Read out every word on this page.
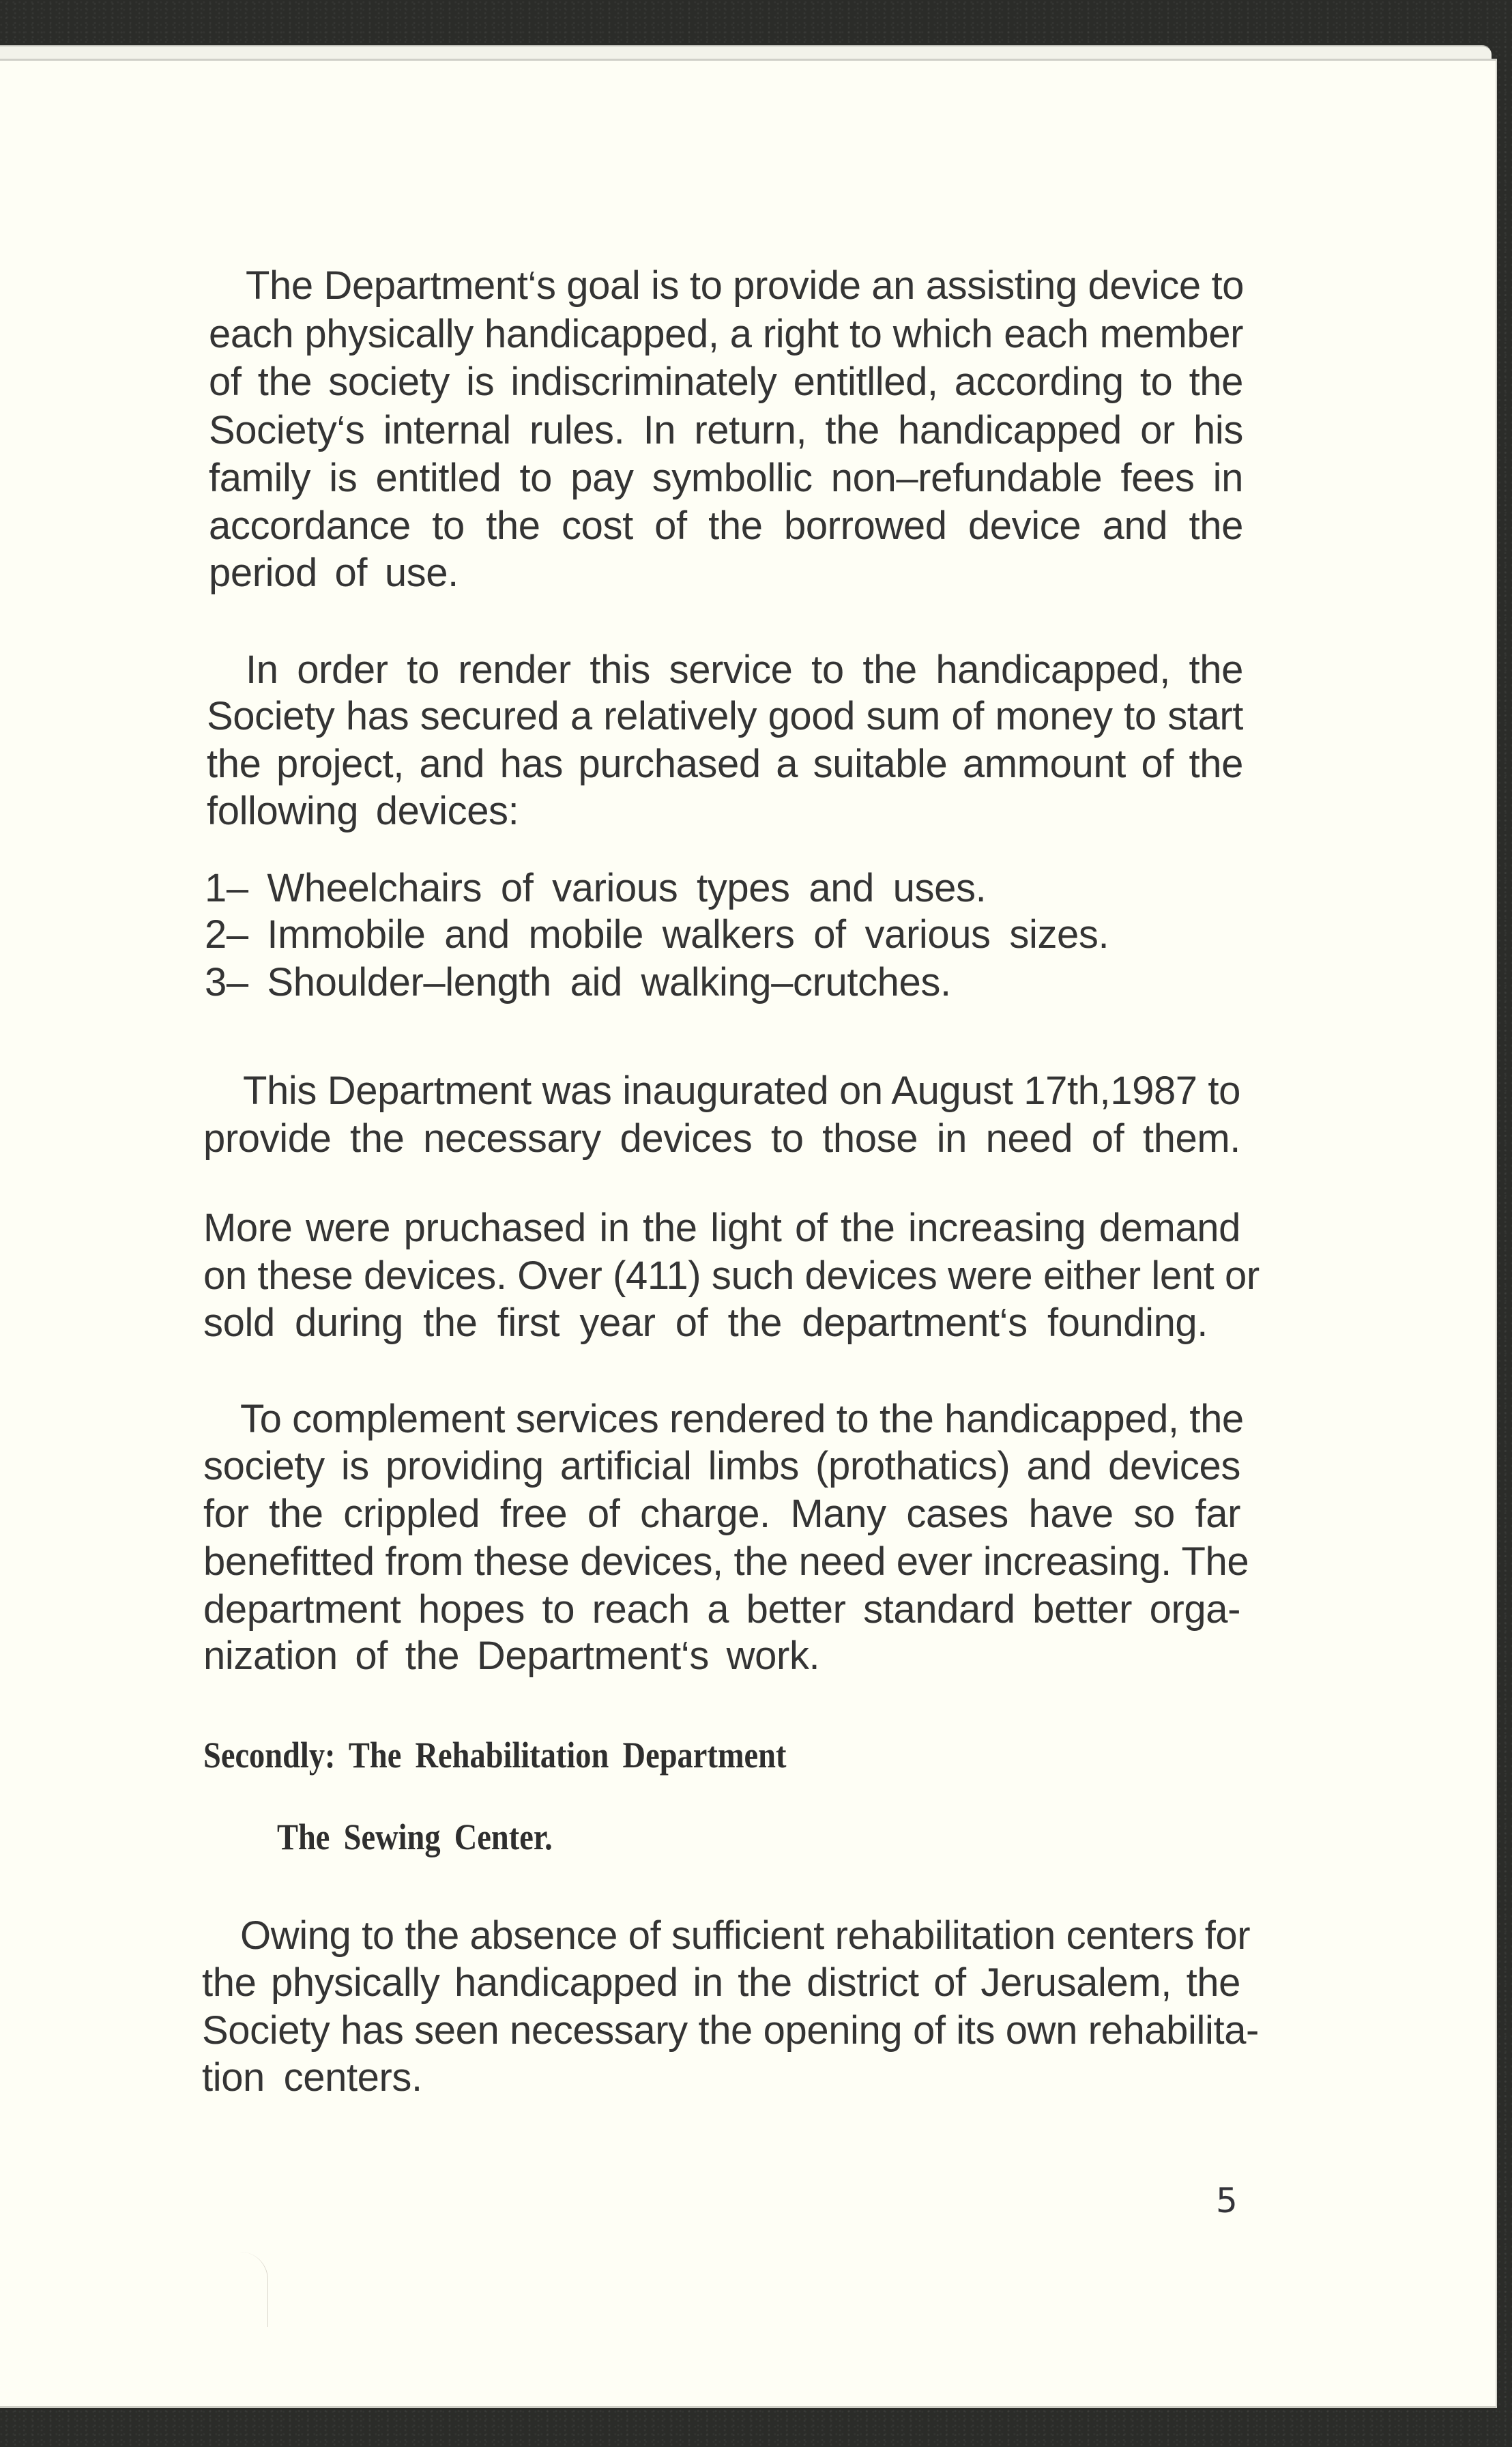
The Department‘s goal is to provide an assisting device to
each physically handicapped, a right to which each member
of the society is indiscriminately entitlled, according to the
Society‘s internal rules. In return, the handicapped or his
family is entitled to pay symbollic non–refundable fees in
accordance to the cost of the borrowed device and the
period of use.
In order to render this service to the handicapped, the
Society has secured a relatively good sum of money to start
the project, and has purchased a suitable ammount of the
following devices:
1– Wheelchairs of various types and uses.
2– Immobile and mobile walkers of various sizes.
3– Shoulder–length aid walking–crutches.
This Department was inaugurated on August 17th,1987 to
provide the necessary devices to those in need of them.
More were pruchased in the light of the increasing demand
on these devices. Over (411) such devices were either lent or
sold during the first year of the department‘s founding.
To complement services rendered to the handicapped, the
society is providing artificial limbs (prothatics) and devices
for the crippled free of charge. Many cases have so far
benefitted from these devices, the need ever increasing. The
department hopes to reach a better standard better orga-
nization of the Department‘s work.
Secondly: The Rehabilitation Department
The Sewing Center.
Owing to the absence of sufficient rehabilitation centers for
the physically handicapped in the district of Jerusalem, the
Society has seen necessary the opening of its own rehabilita-
tion centers.
5
